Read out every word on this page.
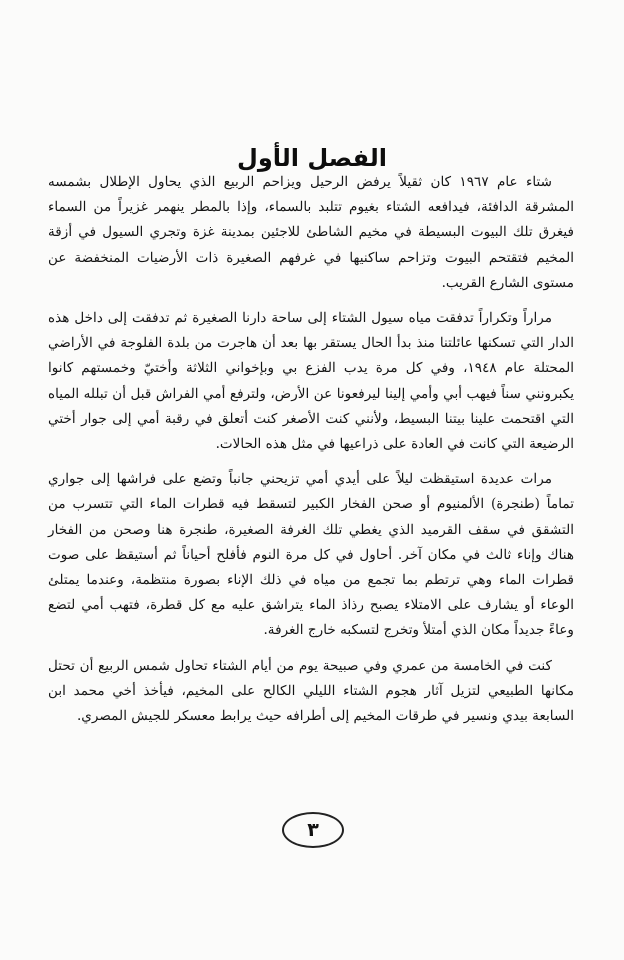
الفصل الأول

شتاء عام ١٩٦٧ كان ثقيلاً يرفض الرحيل ويزاحم الربيع الذي يحاول الإطلال بشمسه المشرقة الدافئة، فيدافعه الشتاء بغيوم تتلبد بالسماء، وإذا بالمطر ينهمر غزيراً من السماء فيغرق تلك البيوت البسيطة في مخيم الشاطئ للاجئين بمدينة غزة وتجري السيول في أزقة المخيم فتقتحم البيوت وتزاحم ساكنيها في غرفهم الصغيرة ذات الأرضيات المنخفضة عن مستوى الشارع القريب.

مراراً وتكراراً تدفقت مياه سيول الشتاء إلى ساحة دارنا الصغيرة ثم تدفقت إلى داخل هذه الدار التي تسكنها عائلتنا منذ بدأ الحال يستقر بها بعد أن هاجرت من بلدة الفلوجة في الأراضي المحتلة عام ١٩٤٨، وفي كل مرة يدب الفزع بي وبإخواني الثلاثة وأختيّ وخمستهم كانوا يكبرونني سناً فيهب أبي وأمي إلينا ليرفعونا عن الأرض، ولترفع أمي الفراش قبل أن تبلله المياه التي اقتحمت علينا بيتنا البسيط، ولأنني كنت الأصغر كنت أتعلق في رقبة أمي إلى جوار أختي الرضيعة التي كانت في العادة على ذراعيها في مثل هذه الحالات.

مرات عديدة استيقظت ليلاً على أيدي أمي تزيحني جانباً وتضع على فراشها إلى جواري تماماً (طنجرة) الألمنيوم أو صحن الفخار الكبير لتسقط فيه قطرات الماء التي تتسرب من التشقق في سقف القرميد الذي يغطي تلك الغرفة الصغيرة، طنجرة هنا وصحن من الفخار هناك وإناء ثالث في مكان آخر. أحاول في كل مرة النوم فأفلح أحياناً ثم أستيقظ على صوت قطرات الماء وهي ترتطم بما تجمع من مياه في ذلك الإناء بصورة منتظمة، وعندما يمتلئ الوعاء أو يشارف على الامتلاء يصبح رذاذ الماء يتراشق عليه مع كل قطرة، فتهب أمي لتضع وعاءً جديداً مكان الذي أمتلأ وتخرج لتسكبه خارج الغرفة.

كنت في الخامسة من عمري وفي صبيحة يوم من أيام الشتاء تحاول شمس الربيع أن تحتل مكانها الطبيعي لتزيل آثار هجوم الشتاء الليلي الكالح على المخيم، فيأخذ أخي محمد ابن السابعة بيدي ونسير في طرقات المخيم إلى أطرافه حيث يرابط معسكر للجيش المصري.

٣
